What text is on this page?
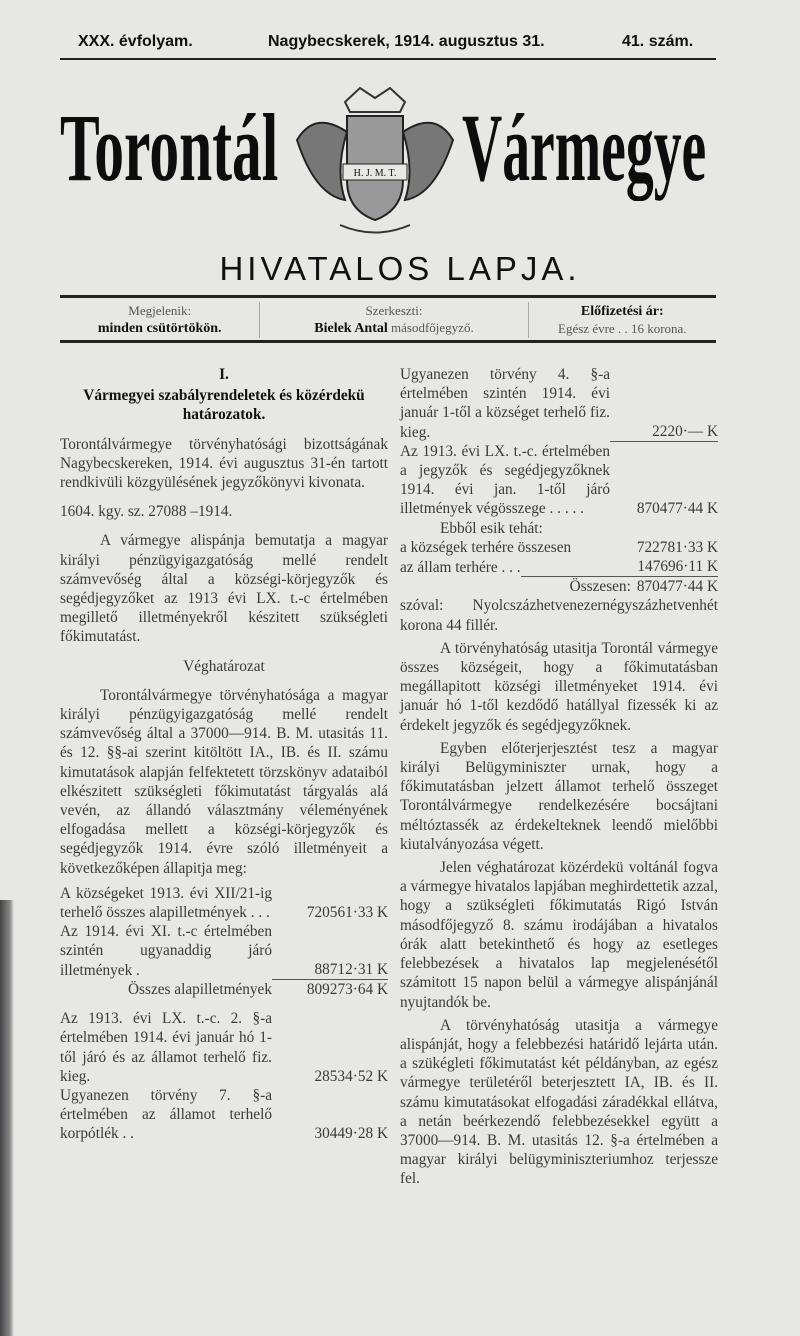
XXX. évfolyam.	Nagybecskerek, 1914. augusztus 31.	41. szám.
Torontál Vármegye
H. J. M. T.
HIVATALOS LAPJA.
Megjelenik:
minden csütörtökön.
Szerkeszti:
Bielek Antal másodfőjegyző.
Előfizetési ár:
Egész évre . . 16 korona.

I.

Vármegyei szabályrendeletek és közérdekü határozatok.

Torontálvármegye törvényhatósági bizottságának Nagybecskereken, 1914. évi augusztus 31-én tartott rendkivüli közgyülésének jegyzőkönyvi kivonata.

1604. kgy. sz. 27088 –1914.

A vármegye alispánja bemutatja a magyar királyi pénzügyigazgatóság mellé rendelt számvevőség által a községi-körjegyzők és segédjegyzőket az 1913 évi LX. t.-c értelmében megillető illetményekről készitett szükségleti főkimutatást.

Véghatározat

Torontálvármegye törvényhatósága a magyar királyi pénzügyigazgatóság mellé rendelt számvevőség által a 37000—914. B. M. utasitás 11. és 12. §§-ai szerint kitöltött IA., IB. és II. számu kimutatások alapján felfektetett törzskönyv adataiból elkészitett szükségleti főkimutatást tárgyalás alá vevén, az állandó választmány véleményének elfogadása mellett a községi-körjegyzők és segédjegyzők 1914. évre szóló illetményeit a következőképen állapitja meg:

A községeket 1913. évi XII/21-ig terhelő összes alapilletmények . . .	720561·33 K
Az 1914. évi XI. t.-c értelmében szintén ugyanaddig járó illetmények .	88712·31 K
Összes alapilletmények	809273·64 K
Az 1913. évi LX. t.-c. 2. §-a értelmében 1914. évi január hó 1-től járó és az államot terhelő fiz. kieg.	28534·52 K
Ugyanezen törvény 7. §-a értelmében az államot terhelő korpótlék . .	30449·28 K
Ugyanezen törvény 4. §-a értelmében szintén 1914. évi január 1-től a községet terhelő fiz. kieg.	2220·— K
Az 1913. évi LX. t.-c. értelmében a jegyzők és segédjegyzőknek 1914. évi jan. 1-től járó illetmények végösszege . . . . .	870477·44 K

Ebből esik tehát:

a községek terhére összesen	722781·33 K
az állam terhére . . .	147696·11 K
Összesen: 870477·44 K

szóval: Nyolcszázhetvenezernégyszázhetvenhét korona 44 fillér.

A törvényhatóság utasitja Torontál vármegye összes községeit, hogy a főkimutatásban megállapitott községi illetményeket 1914. évi január hó 1-től kezdődő hatállyal fizessék ki az érdekelt jegyzők és segédjegyzőknek.

Egyben előterjerjesztést tesz a magyar királyi Belügyminiszter urnak, hogy a főkimutatásban jelzett államot terhelő összeget Torontálvármegye rendelkezésére bocsájtani méltóztassék az érdekelteknek leendő mielőbbi kiutalványozása végett.

Jelen véghatározat közérdekü voltánál fogva a vármegye hivatalos lapjában meghirdettetik azzal, hogy a szükségleti főkimutatás Rigó István másodfőjegyző 8. számu irodájában a hivatalos órák alatt betekinthető és hogy az esetleges felebbezések a hivatalos lap megjelenésétől számitott 15 napon belül a vármegye alispánjánál nyujtandók be.

A törvényhatóság utasitja a vármegye alispánját, hogy a felebbezési határidő lejárta után. a szükégleti főkimutatást két példányban, az egész vármegye területéről beterjesztett IA, IB. és II. számu kimutatásokat elfogadási záradékkal ellátva, a netán beérkezendő felebbezésekkel együtt a 37000—914. B. M. utasitás 12. §-a értelmében a magyar királyi belügyminiszteriumhoz terjessze fel.
